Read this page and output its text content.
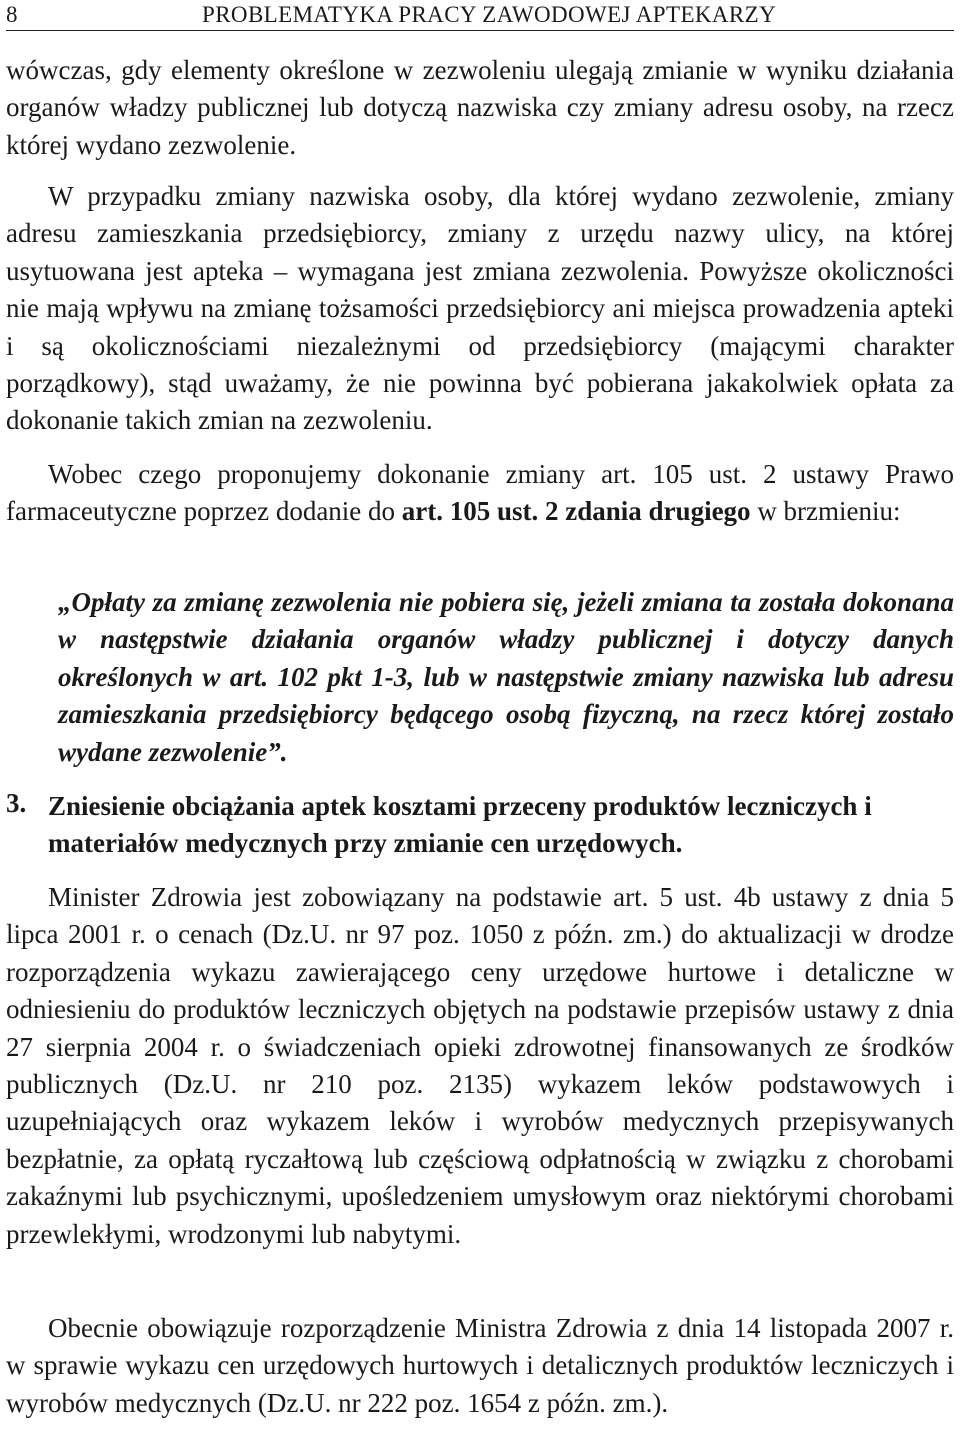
8	PROBLEMATYKA PRACY ZAWODOWEJ APTEKARZY

wówczas, gdy elementy określone w zezwoleniu ulegają zmianie w wyniku działania organów władzy publicznej lub dotyczą nazwiska czy zmiany adresu osoby, na rzecz której wydano zezwolenie.

W przypadku zmiany nazwiska osoby, dla której wydano zezwolenie, zmiany adresu zamieszkania przedsiębiorcy, zmiany z urzędu nazwy ulicy, na której usytuowana jest apteka – wymagana jest zmiana zezwolenia. Powyższe okoliczności nie mają wpływu na zmianę tożsamości przedsiębiorcy ani miejsca prowadzenia apteki i są okolicznościami niezależnymi od przedsiębiorcy (mającymi charakter porządkowy), stąd uważamy, że nie powinna być pobierana jakakolwiek opłata za dokonanie takich zmian na zezwoleniu.

Wobec czego proponujemy dokonanie zmiany art. 105 ust. 2 ustawy Prawo farmaceutyczne poprzez dodanie do art. 105 ust. 2 zdania drugiego w brzmieniu:

„Opłaty za zmianę zezwolenia nie pobiera się, jeżeli zmiana ta została dokonana w następstwie działania organów władzy publicznej i dotyczy danych określonych w art. 102 pkt 1-3, lub w następstwie zmiany nazwiska lub adresu zamieszkania przedsiębiorcy będącego osobą fizyczną, na rzecz której zostało wydane zezwolenie”.

3. Zniesienie obciążania aptek kosztami przeceny produktów leczniczych i materiałów medycznych przy zmianie cen urzędowych.

Minister Zdrowia jest zobowiązany na podstawie art. 5 ust. 4b ustawy z dnia 5 lipca 2001 r. o cenach (Dz.U. nr 97 poz. 1050 z późn. zm.) do aktualizacji w drodze rozporządzenia wykazu zawierającego ceny urzędowe hurtowe i detaliczne w odniesieniu do produktów leczniczych objętych na podstawie przepisów ustawy z dnia 27 sierpnia 2004 r. o świadczeniach opieki zdrowotnej finansowanych ze środków publicznych (Dz.U. nr 210 poz. 2135) wykazem leków podstawowych i uzupełniających oraz wykazem leków i wyrobów medycznych przepisywanych bezpłatnie, za opłatą ryczałtową lub częściową odpłatnością w związku z chorobami zakaźnymi lub psychicznymi, upośledzeniem umysłowym oraz niektórymi chorobami przewlekłymi, wrodzonymi lub nabytymi.

Obecnie obowiązuje rozporządzenie Ministra Zdrowia z dnia 14 listopada 2007 r. w sprawie wykazu cen urzędowych hurtowych i detalicznych produktów leczniczych i wyrobów medycznych (Dz.U. nr 222 poz. 1654 z późn. zm.).
